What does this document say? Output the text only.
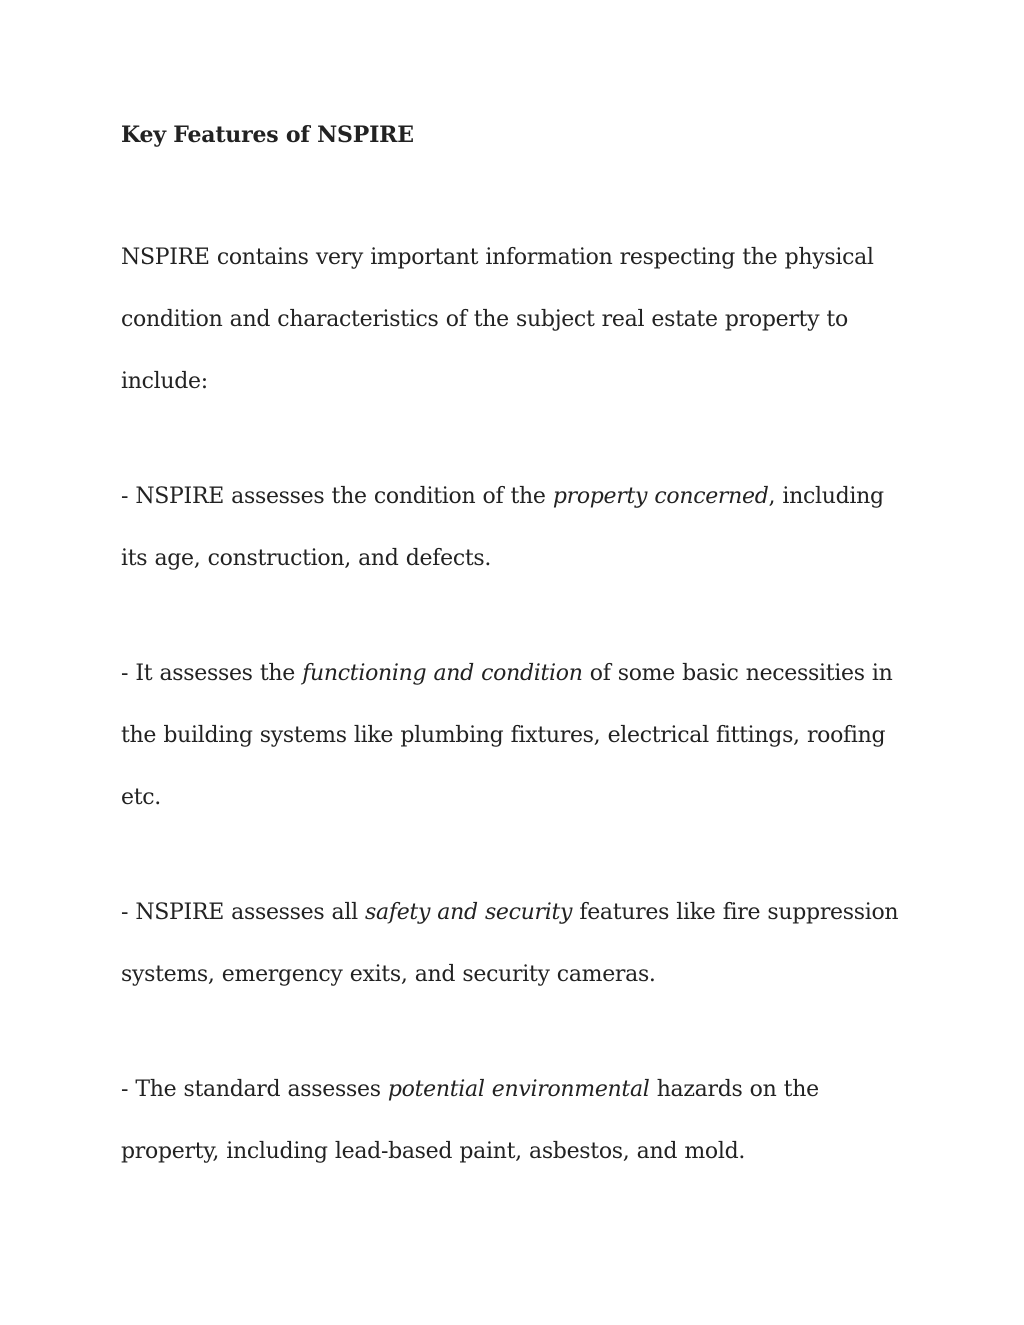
Key Features of NSPIRE

NSPIRE contains very important information respecting the physical condition and characteristics of the subject real estate property to include:

- NSPIRE assesses the condition of the property concerned, including its age, construction, and defects.

- It assesses the functioning and condition of some basic necessities in the building systems like plumbing fixtures, electrical fittings, roofing etc.

- NSPIRE assesses all safety and security features like fire suppression systems, emergency exits, and security cameras.

- The standard assesses potential environmental hazards on the property, including lead-based paint, asbestos, and mold.
